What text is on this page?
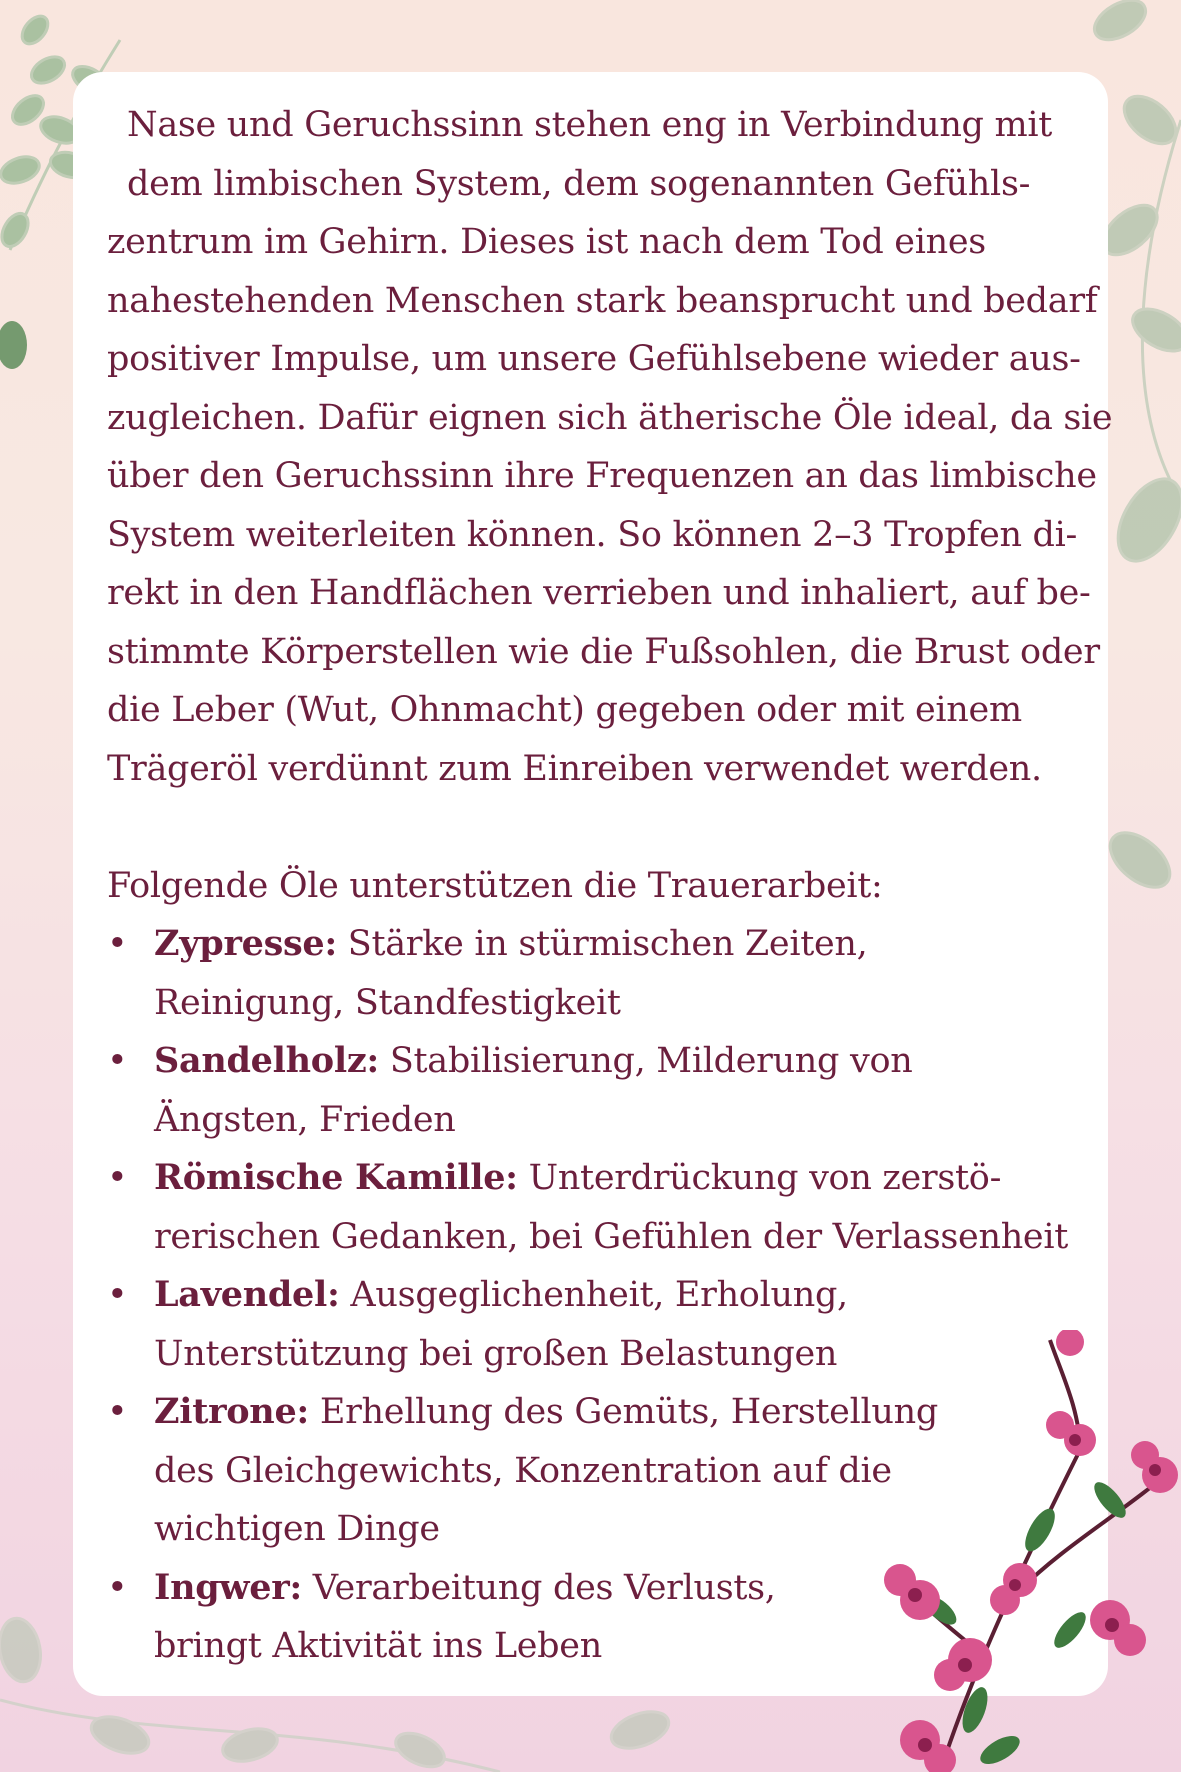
Nase und Geruchssinn stehen eng in Verbindung mit
dem limbischen System, dem sogenannten Gefühls-
zentrum im Gehirn. Dieses ist nach dem Tod eines
nahestehenden Menschen stark beansprucht und bedarf
positiver Impulse, um unsere Gefühlsebene wieder aus-
zugleichen. Dafür eignen sich ätherische Öle ideal, da sie
über den Geruchssinn ihre Frequenzen an das limbische
System weiterleiten können. So können 2–3 Tropfen di-
rekt in den Handflächen verrieben und inhaliert, auf be-
stimmte Körperstellen wie die Fußsohlen, die Brust oder
die Leber (Wut, Ohnmacht) gegeben oder mit einem
Trägeröl verdünnt zum Einreiben verwendet werden.
Folgende Öle unterstützen die Trauerarbeit:
• Zypresse: Stärke in stürmischen Zeiten,
Reinigung, Standfestigkeit
• Sandelholz: Stabilisierung, Milderung von
Ängsten, Frieden
• Römische Kamille: Unterdrückung von zerstö-
rerischen Gedanken, bei Gefühlen der Verlassenheit
• Lavendel: Ausgeglichenheit, Erholung,
Unterstützung bei großen Belastungen
• Zitrone: Erhellung des Gemüts, Herstellung
des Gleichgewichts, Konzentration auf die
wichtigen Dinge
• Ingwer: Verarbeitung des Verlusts,
bringt Aktivität ins Leben
